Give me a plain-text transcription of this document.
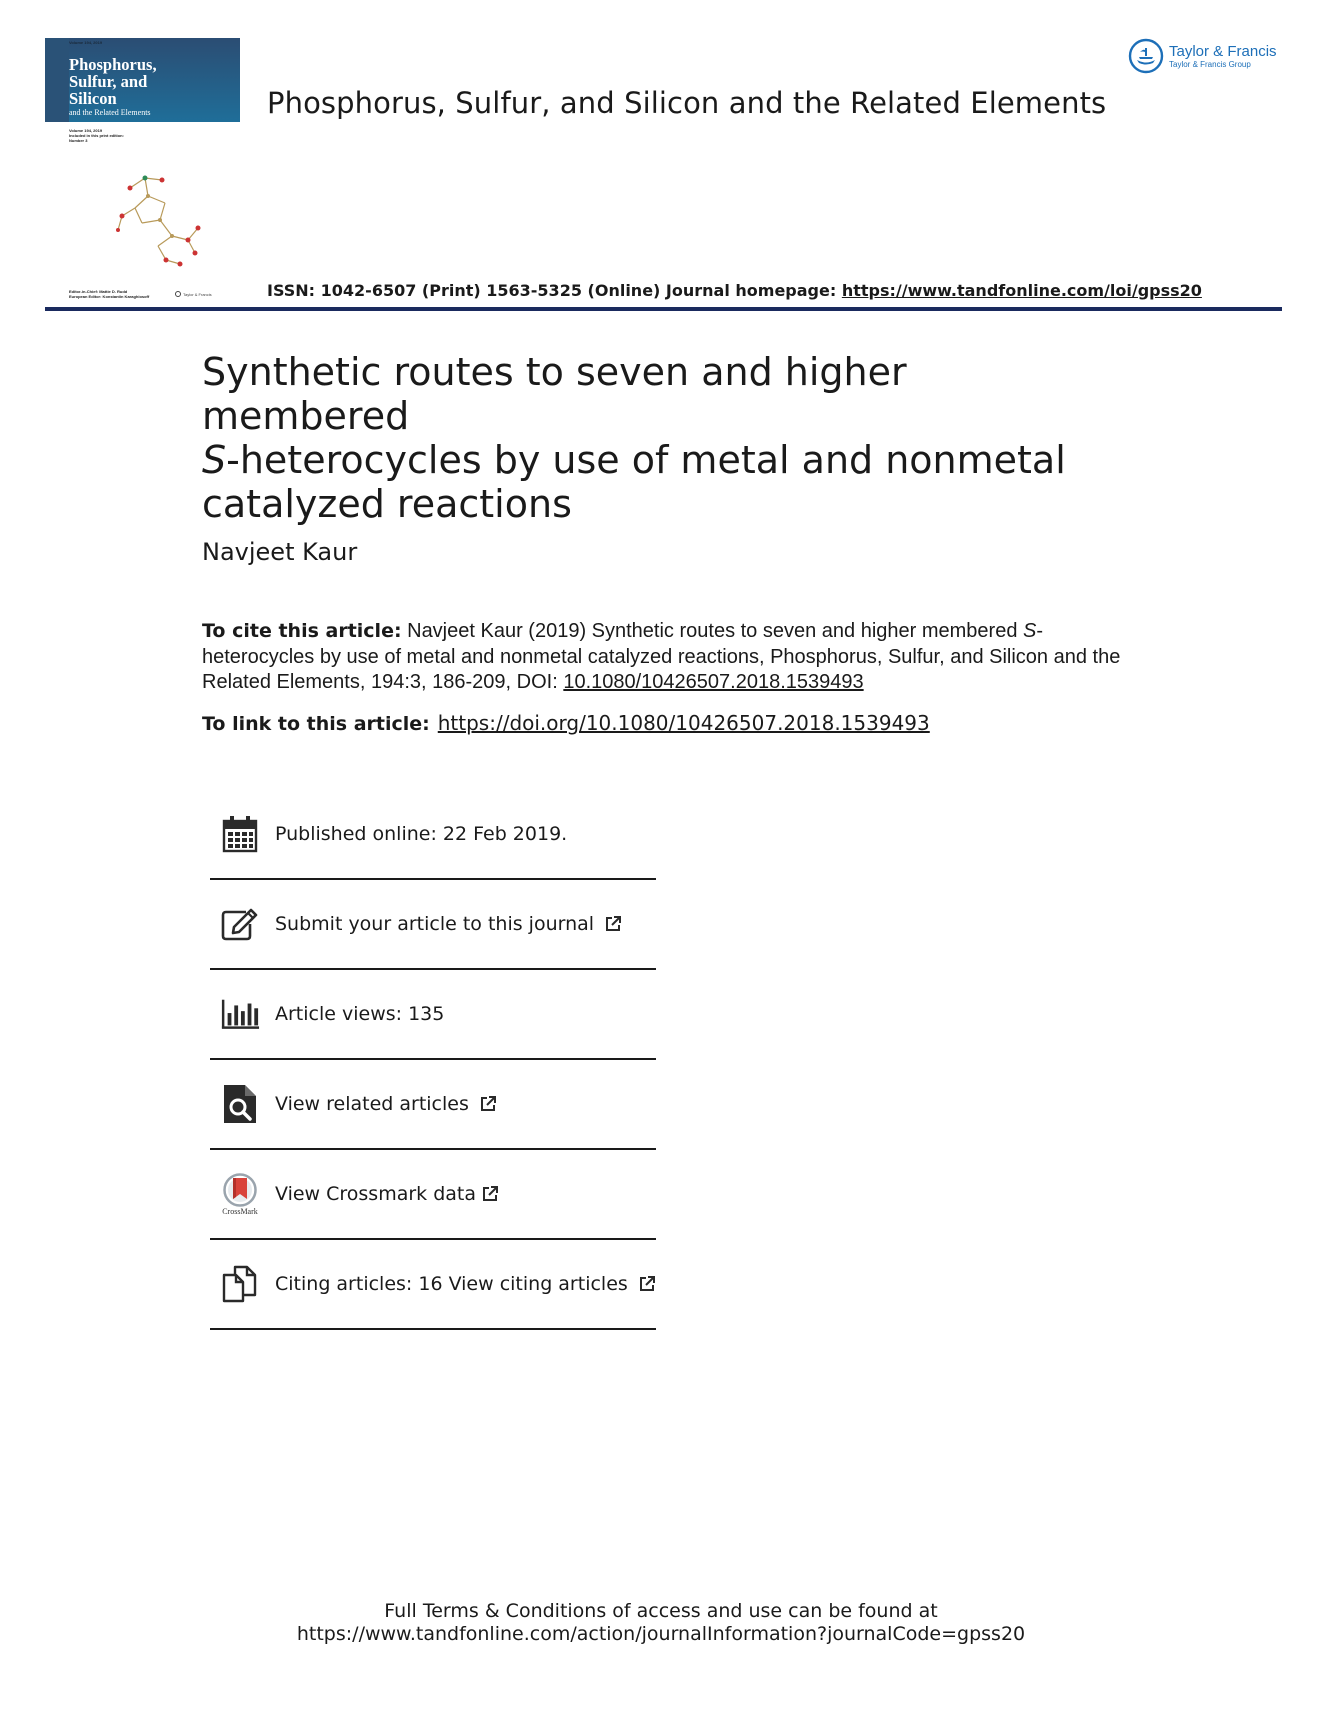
Volume 194, 2019
Phosphorus,
Sulfur, and
Silicon
and the Related Elements
Volume 194, 2019
Included in this print edition:
Number 3
Editor-in-Chief: Mattie D. Rudd
European Editor: Konstantin Karaghiosoff	Taylor & Francis
Phosphorus, Sulfur, and Silicon and the Related Elements
Taylor & Francis
Taylor & Francis Group
ISSN: 1042-6507 (Print) 1563-5325 (Online) Journal homepage: https://www.tandfonline.com/loi/gpss20
Synthetic routes to seven and higher membered
S-heterocycles by use of metal and nonmetal
catalyzed reactions
Navjeet Kaur
To cite this article: Navjeet Kaur (2019) Synthetic routes to seven and higher membered S-heterocycles by use of metal and nonmetal catalyzed reactions, Phosphorus, Sulfur, and Silicon and the Related Elements, 194:3, 186-209, DOI: 10.1080/10426507.2018.1539493
To link to this article: https://doi.org/10.1080/10426507.2018.1539493
Published online: 22 Feb 2019.
Submit your article to this journal
Article views: 135
View related articles
CrossMark
View Crossmark data
Citing articles: 16 View citing articles
Full Terms & Conditions of access and use can be found at
https://www.tandfonline.com/action/journalInformation?journalCode=gpss20
